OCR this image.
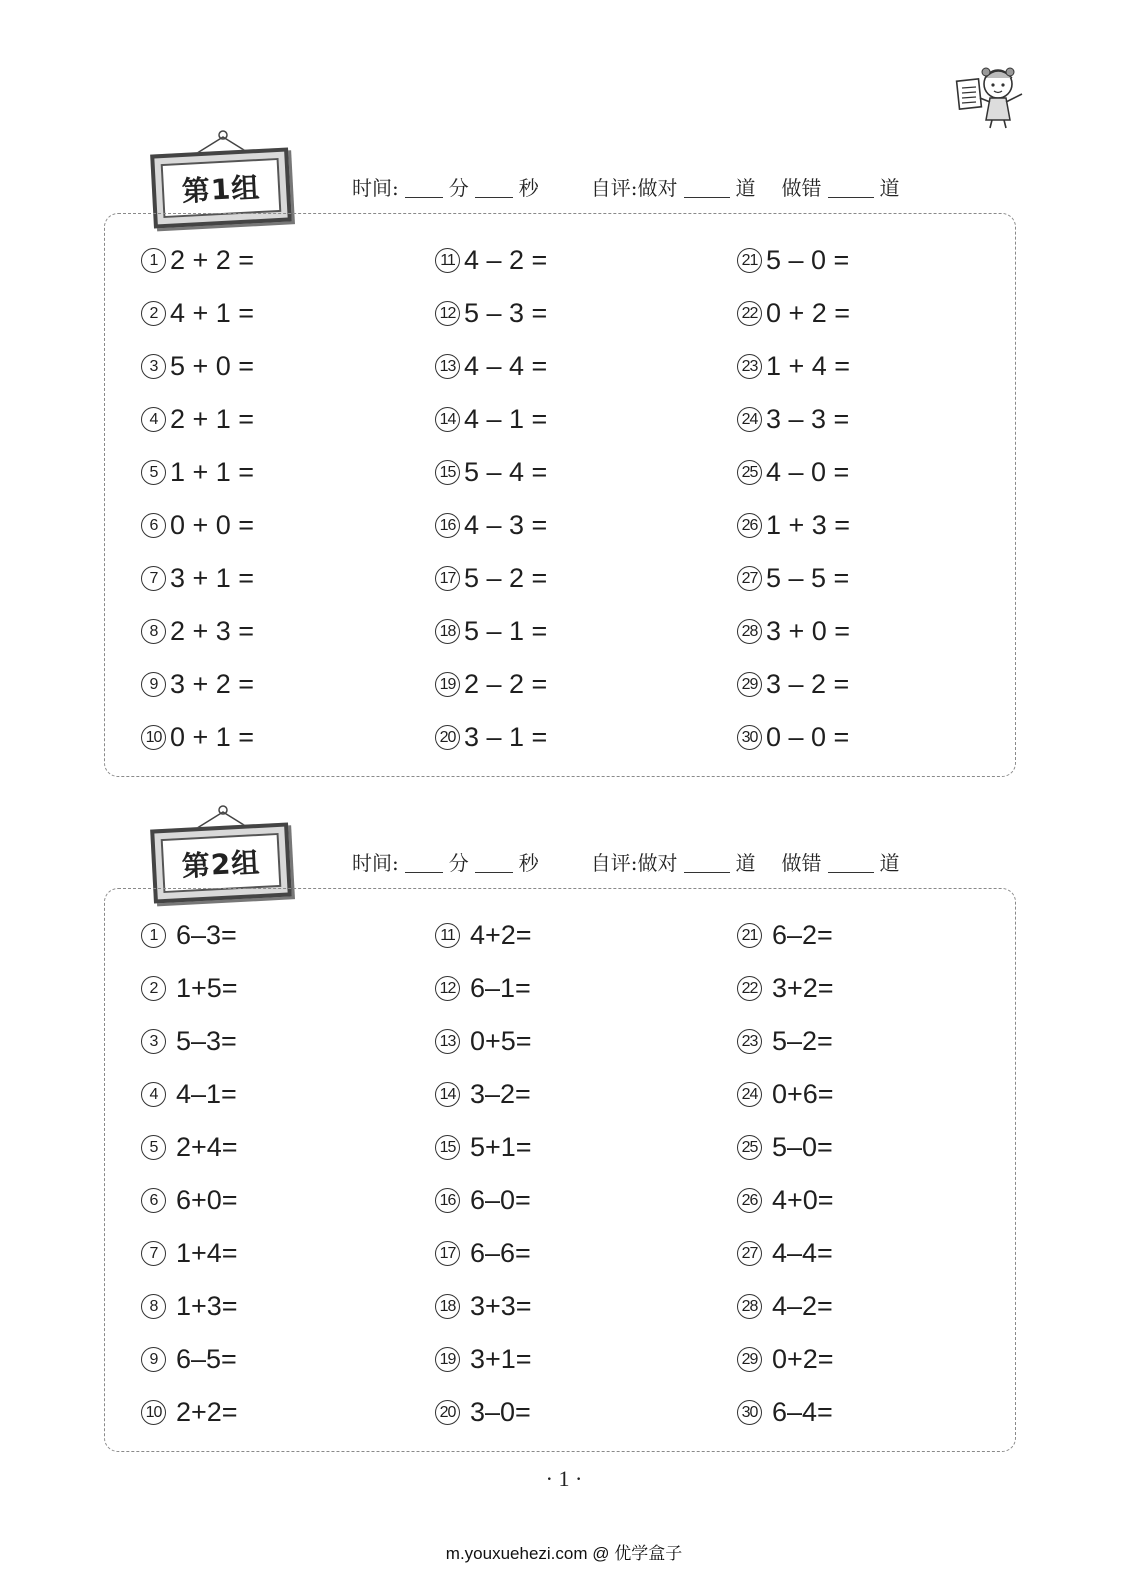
第1组	时间:	分	秒	自评:做对	道 做错	道
1 2 + 2 =
2 4 + 1 =
3 5 + 0 =
4 2 + 1 =
5 1 + 1 =
6 0 + 0 =
7 3 + 1 =
8 2 + 3 =
9 3 + 2 =
10 0 + 1 =
11 4 – 2 =
12 5 – 3 =
13 4 – 4 =
14 4 – 1 =
15 5 – 4 =
16 4 – 3 =
17 5 – 2 =
18 5 – 1 =
19 2 – 2 =
20 3 – 1 =
21 5 – 0 =
22 0 + 2 =
23 1 + 4 =
24 3 – 3 =
25 4 – 0 =
26 1 + 3 =
27 5 – 5 =
28 3 + 0 =
29 3 – 2 =
30 0 – 0 =
第2组	时间:	分	秒	自评:做对	道 做错	道
1 6–3=
2 1+5=
3 5–3=
4 4–1=
5 2+4=
6 6+0=
7 1+4=
8 1+3=
9 6–5=
10 2+2=
11 4+2=
12 6–1=
13 0+5=
14 3–2=
15 5+1=
16 6–0=
17 6–6=
18 3+3=
19 3+1=
20 3–0=
21 6–2=
22 3+2=
23 5–2=
24 0+6=
25 5–0=
26 4+0=
27 4–4=
28 4–2=
29 0+2=
30 6–4=
· 1 ·
m.youxuehezi.com @ 优学盒子
